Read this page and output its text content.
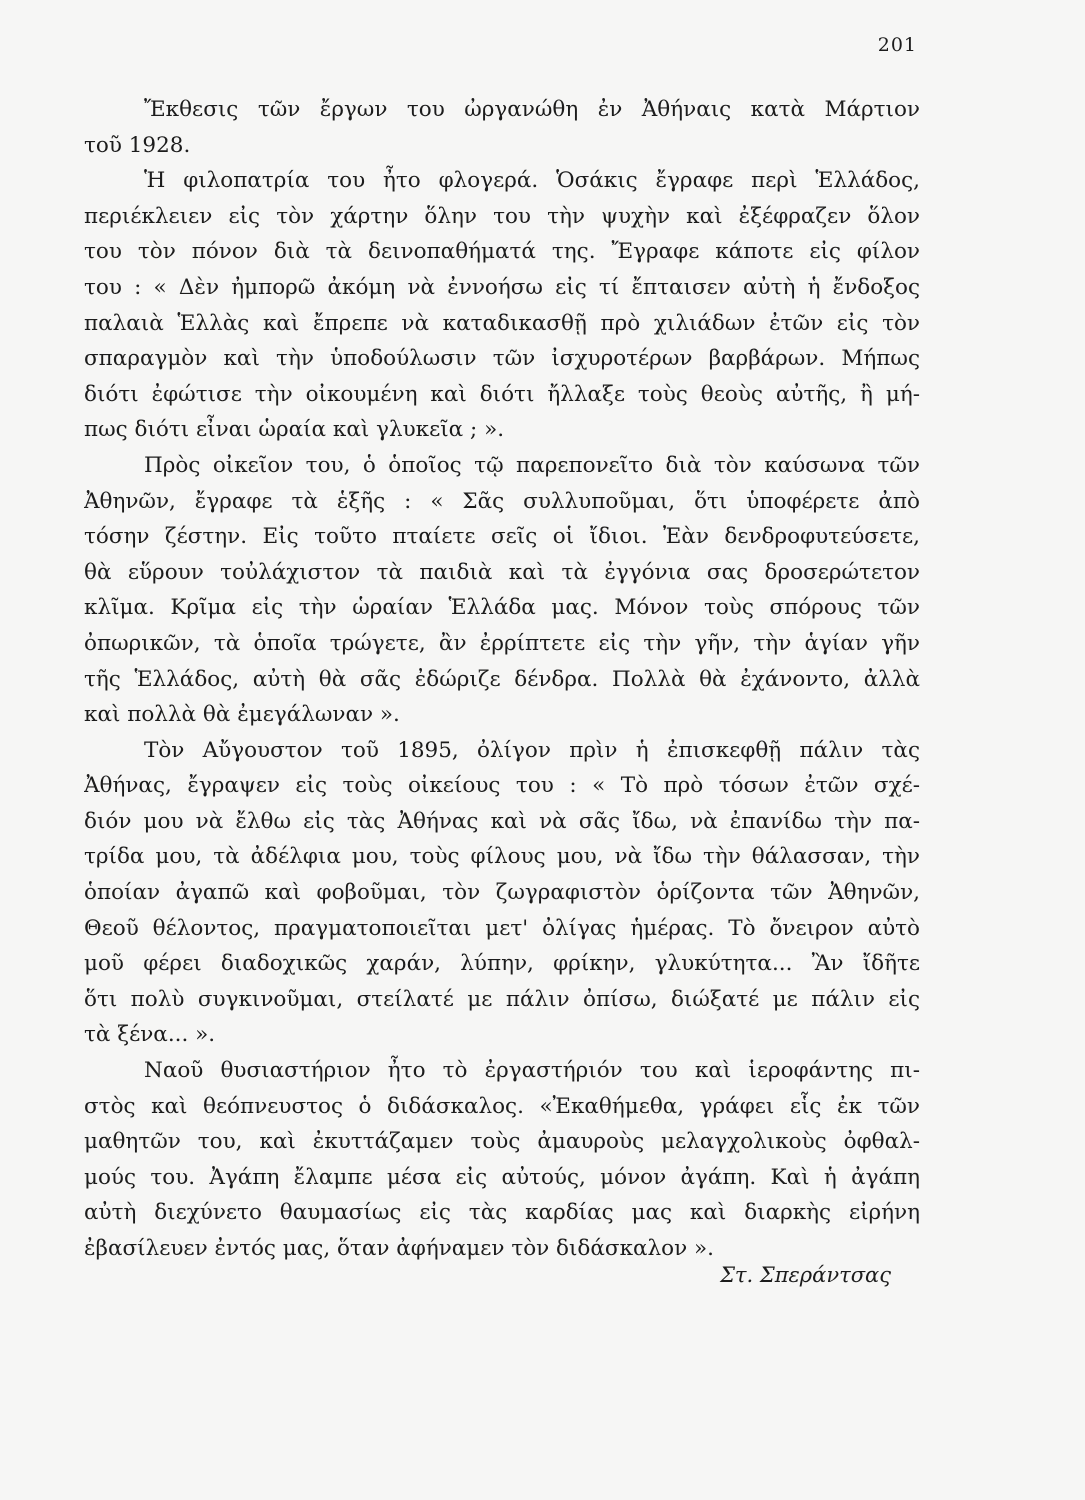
201
Ἔκθεσις τῶν ἔργων του ὠργανώθη ἐν Ἀθήναις κατὰ Μάρτιον
τοῦ 1928.
Ἡ φιλοπατρία του ἦτο φλογερά. Ὁσάκις ἔγραφε περὶ Ἑλλάδος,
περιέκλειεν εἰς τὸν χάρτην ὅλην του τὴν ψυχὴν καὶ ἐξέφραζεν ὅλον
του τὸν πόνον διὰ τὰ δεινοπαθήματά της. Ἔγραφε κάποτε εἰς φίλον
του : « Δὲν ἠμπορῶ ἀκόμη νὰ ἐννοήσω εἰς τί ἔπταισεν αὐτὴ ἡ ἔνδοξος
παλαιὰ Ἑλλὰς καὶ ἔπρεπε νὰ καταδικασθῇ πρὸ χιλιάδων ἐτῶν εἰς τὸν
σπαραγμὸν καὶ τὴν ὑποδούλωσιν τῶν ἰσχυροτέρων βαρβάρων. Μήπως
διότι ἐφώτισε τὴν οἰκουμένη καὶ διότι ἤλλαξε τοὺς θεοὺς αὐτῆς, ἢ μή-
πως διότι εἶναι ὡραία καὶ γλυκεῖα ; ».
Πρὸς οἰκεῖον του, ὁ ὁποῖος τῷ παρεπονεῖτο διὰ τὸν καύσωνα τῶν
Ἀθηνῶν, ἔγραφε τὰ ἑξῆς : « Σᾶς συλλυποῦμαι, ὅτι ὑποφέρετε ἀπὸ
τόσην ζέστην. Εἰς τοῦτο πταίετε σεῖς οἱ ἴδιοι. Ἐὰν δενδροφυτεύσετε,
θὰ εὕρουν τοὐλάχιστον τὰ παιδιὰ καὶ τὰ ἐγγόνια σας δροσερώτετον
κλῖμα. Κρῖμα εἰς τὴν ὡραίαν Ἑλλάδα μας. Μόνον τοὺς σπόρους τῶν
ὀπωρικῶν, τὰ ὁποῖα τρώγετε, ἂν ἐρρίπτετε εἰς τὴν γῆν, τὴν ἁγίαν γῆν
τῆς Ἑλλάδος, αὐτὴ θὰ σᾶς ἐδώριζε δένδρα. Πολλὰ θὰ ἐχάνοντο, ἀλλὰ
καὶ πολλὰ θὰ ἐμεγάλωναν ».
Τὸν Αὔγουστον τοῦ 1895, ὀλίγον πρὶν ἡ ἐπισκεφθῇ πάλιν τὰς
Ἀθήνας, ἔγραψεν εἰς τοὺς οἰκείους του : « Τὸ πρὸ τόσων ἐτῶν σχέ-
διόν μου νὰ ἔλθω εἰς τὰς Ἀθήνας καὶ νὰ σᾶς ἴδω, νὰ ἐπανίδω τὴν πα-
τρίδα μου, τὰ ἀδέλφια μου, τοὺς φίλους μου, νὰ ἴδω τὴν θάλασσαν, τὴν
ὁποίαν ἀγαπῶ καὶ φοβοῦμαι, τὸν ζωγραφιστὸν ὁρίζοντα τῶν Ἀθηνῶν,
Θεοῦ θέλοντος, πραγματοποιεῖται μετ' ὀλίγας ἡμέρας. Τὸ ὄνειρον αὐτὸ
μοῦ φέρει διαδοχικῶς χαράν, λύπην, φρίκην, γλυκύτητα... Ἂν ἴδῆτε
ὅτι πολὺ συγκινοῦμαι, στείλατέ με πάλιν ὀπίσω, διώξατέ με πάλιν εἰς
τὰ ξένα... ».
Ναοῦ θυσιαστήριον ἦτο τὸ ἐργαστήριόν του καὶ ἱεροφάντης πι-
στὸς καὶ θεόπνευστος ὁ διδάσκαλος. «Ἐκαθήμεθα, γράφει εἷς ἐκ τῶν
μαθητῶν του, καὶ ἐκυττάζαμεν τοὺς ἀμαυροὺς μελαγχολικοὺς ὀφθαλ-
μούς του. Ἀγάπη ἔλαμπε μέσα εἰς αὐτούς, μόνον ἀγάπη. Καὶ ἡ ἀγάπη
αὐτὴ διεχύνετο θαυμασίως εἰς τὰς καρδίας μας καὶ διαρκὴς εἰρήνη
ἐβασίλευεν ἐντός μας, ὅταν ἀφήναμεν τὸν διδάσκαλον ».
Στ. Σπεράντσας
